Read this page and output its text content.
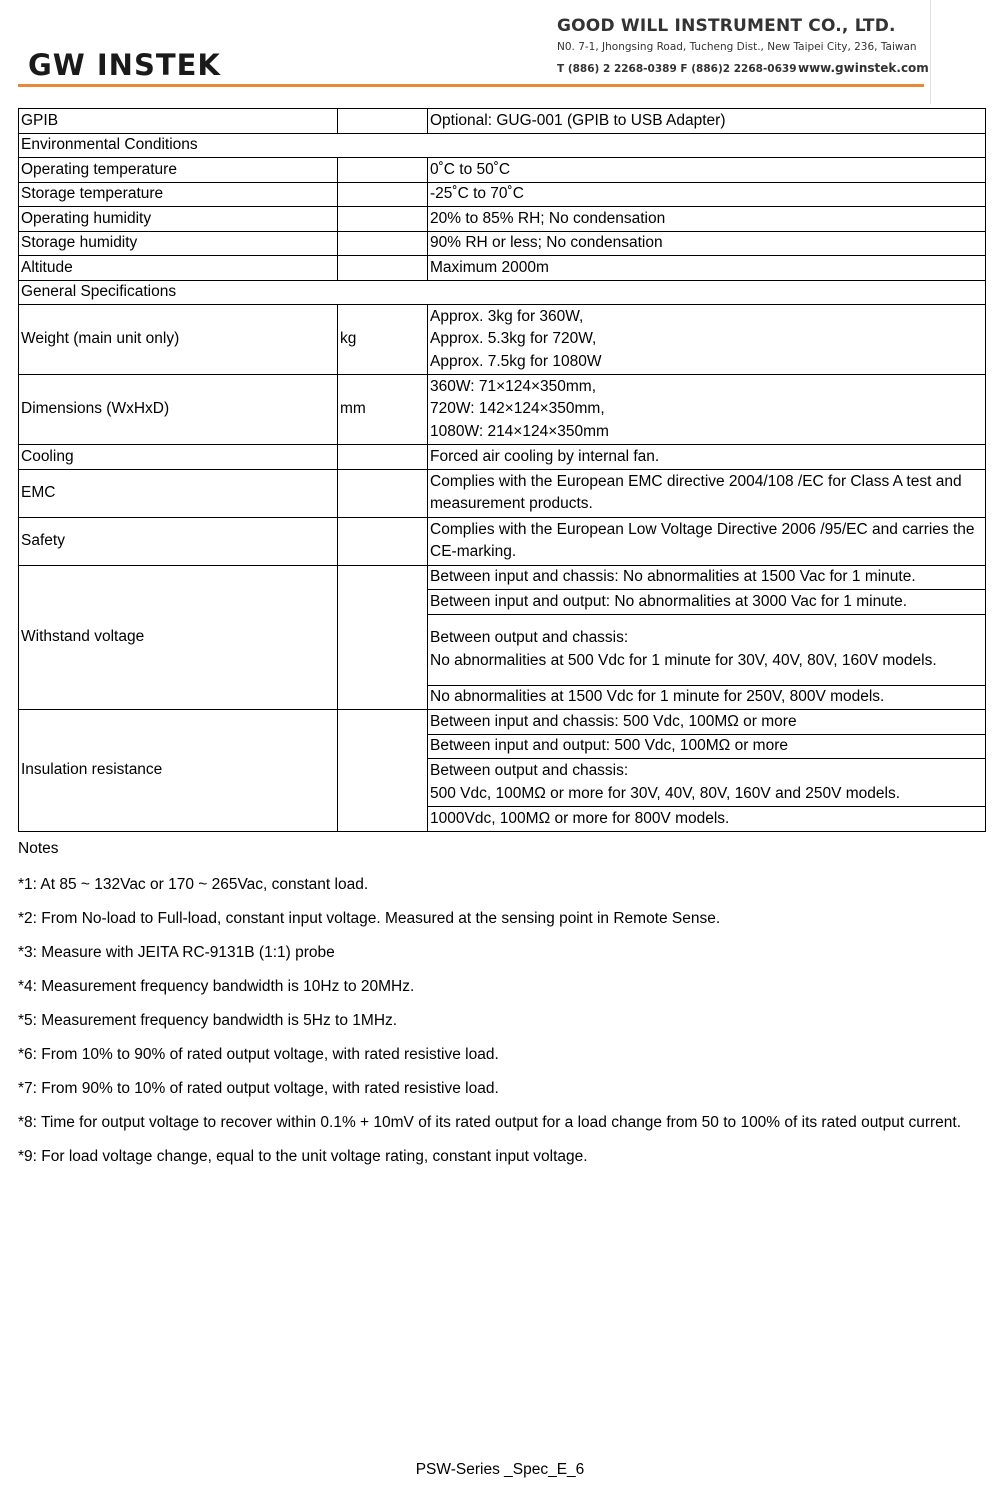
GW INSTEK
GOOD WILL INSTRUMENT CO., LTD.
N0. 7-1, Jhongsing Road, Tucheng Dist., New Taipei City, 236, Taiwan
T (886) 2 2268-0389 F (886)2 2268-0639 www.gwinstek.com
GPIB		Optional: GUG-001 (GPIB to USB Adapter)
Environmental Conditions		
Operating temperature		0˚C to 50˚C
Storage temperature		-25˚C to 70˚C
Operating humidity		20% to 85% RH; No condensation
Storage humidity		90% RH or less; No condensation
Altitude		Maximum 2000m
General Specifications		
Weight (main unit only)	kg	Approx. 3kg for 360W,
Approx. 5.3kg for 720W,
Approx. 7.5kg for 1080W
Dimensions (WxHxD)	mm	360W: 71×124×350mm,
720W: 142×124×350mm,
1080W: 214×124×350mm
Cooling		Forced air cooling by internal fan.
EMC		Complies with the European EMC directive 2004/108 /EC for Class A test and measurement products.
Safety		Complies with the European Low Voltage Directive 2006 /95/EC and carries the CE-marking.
Withstand voltage		Between input and chassis: No abnormalities at 1500 Vac for 1 minute.
		Between input and output: No abnormalities at 3000 Vac for 1 minute.
		Between output and chassis:
No abnormalities at 500 Vdc for 1 minute for 30V, 40V, 80V, 160V models.
		No abnormalities at 1500 Vdc for 1 minute for 250V, 800V models.
Insulation resistance		Between input and chassis: 500 Vdc, 100MΩ or more
		Between input and output: 500 Vdc, 100MΩ or more
		Between output and chassis:
500 Vdc, 100MΩ or more for 30V, 40V, 80V, 160V and 250V models.
		1000Vdc, 100MΩ or more for 800V models.
Notes
*1: At 85 ~ 132Vac or 170 ~ 265Vac, constant load.
*2: From No-load to Full-load, constant input voltage. Measured at the sensing point in Remote Sense.
*3: Measure with JEITA RC-9131B (1:1) probe
*4: Measurement frequency bandwidth is 10Hz to 20MHz.
*5: Measurement frequency bandwidth is 5Hz to 1MHz.
*6: From 10% to 90% of rated output voltage, with rated resistive load.
*7: From 90% to 10% of rated output voltage, with rated resistive load.
*8: Time for output voltage to recover within 0.1% + 10mV of its rated output for a load change from 50 to 100% of its rated output current.
*9: For load voltage change, equal to the unit voltage rating, constant input voltage.
PSW-Series _Spec_E_6
